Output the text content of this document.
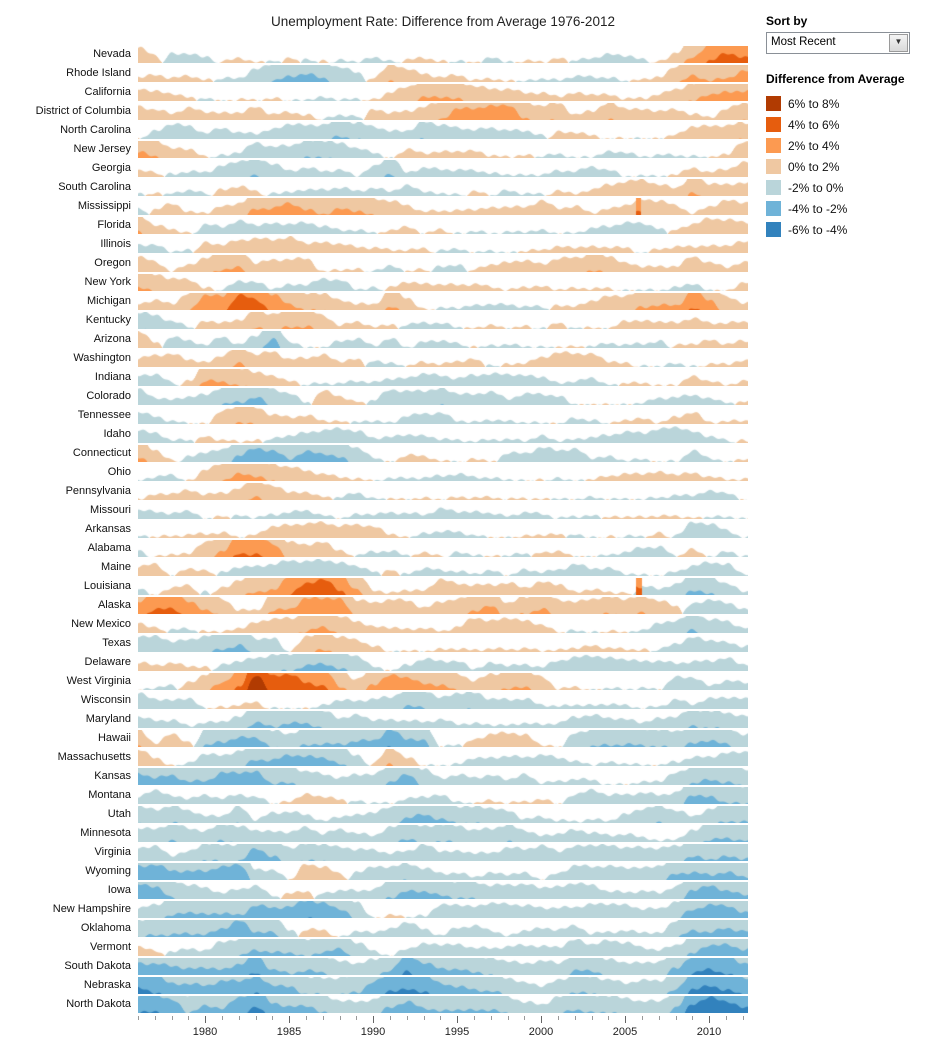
Unemployment Rate: Difference from Average 1976-2012	Sort by
Most Recent	▼
Difference from Average
6% to 8%
4% to 6%
2% to 4%
0% to 2%
-2% to 0%
-4% to -2%
-6% to -4%
Nevada
Rhode Island
California
District of Columbia
North Carolina
New Jersey
Georgia
South Carolina
Mississippi
Florida
Illinois
Oregon
New York
Michigan
Kentucky
Arizona
Washington
Indiana
Colorado
Tennessee
Idaho
Connecticut
Ohio
Pennsylvania
Missouri
Arkansas
Alabama
Maine
Louisiana
Alaska
New Mexico
Texas
Delaware
West Virginia
Wisconsin
Maryland
Hawaii
Massachusetts
Kansas
Montana
Utah
Minnesota
Virginia
Wyoming
Iowa
New Hampshire
Oklahoma
Vermont
South Dakota
Nebraska
North Dakota
1980	1985	1990	1995	2000	2005	2010
